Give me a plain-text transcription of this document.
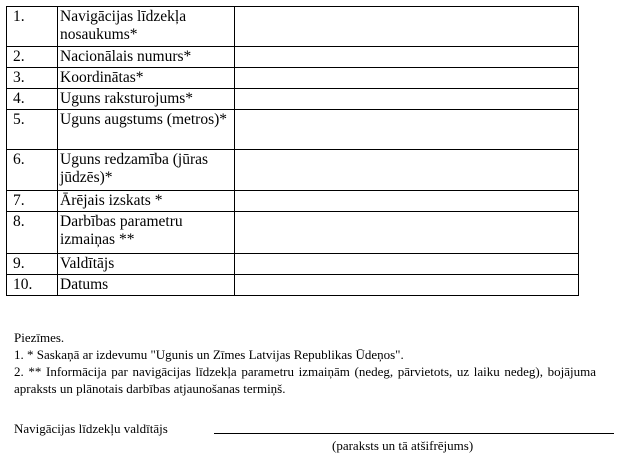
1.	Navigācijas līdzekļa nosaukums*	
2.	Nacionālais numurs*	
3.	Koordinātas*	
4.	Uguns raksturojums*	
5.	Uguns augstums (metros)*	
6.	Uguns redzamība (jūras jūdzēs)*	
7.	Ārējais izskats *	
8.	Darbības parametru izmaiņas **	
9.	Valdītājs	
10.	Datums	

Piezīmes.

1. * Saskaņā ar izdevumu "Ugunis un Zīmes Latvijas Republikas Ūdeņos".

2. ** Informācija par navigācijas līdzekļa parametru izmaiņām (nedeg, pārvietots, uz laiku nedeg), bojājuma apraksts un plānotais darbības atjaunošanas termiņš.

Navigācijas līdzekļu valdītājs
(paraksts un tā atšifrējums)
